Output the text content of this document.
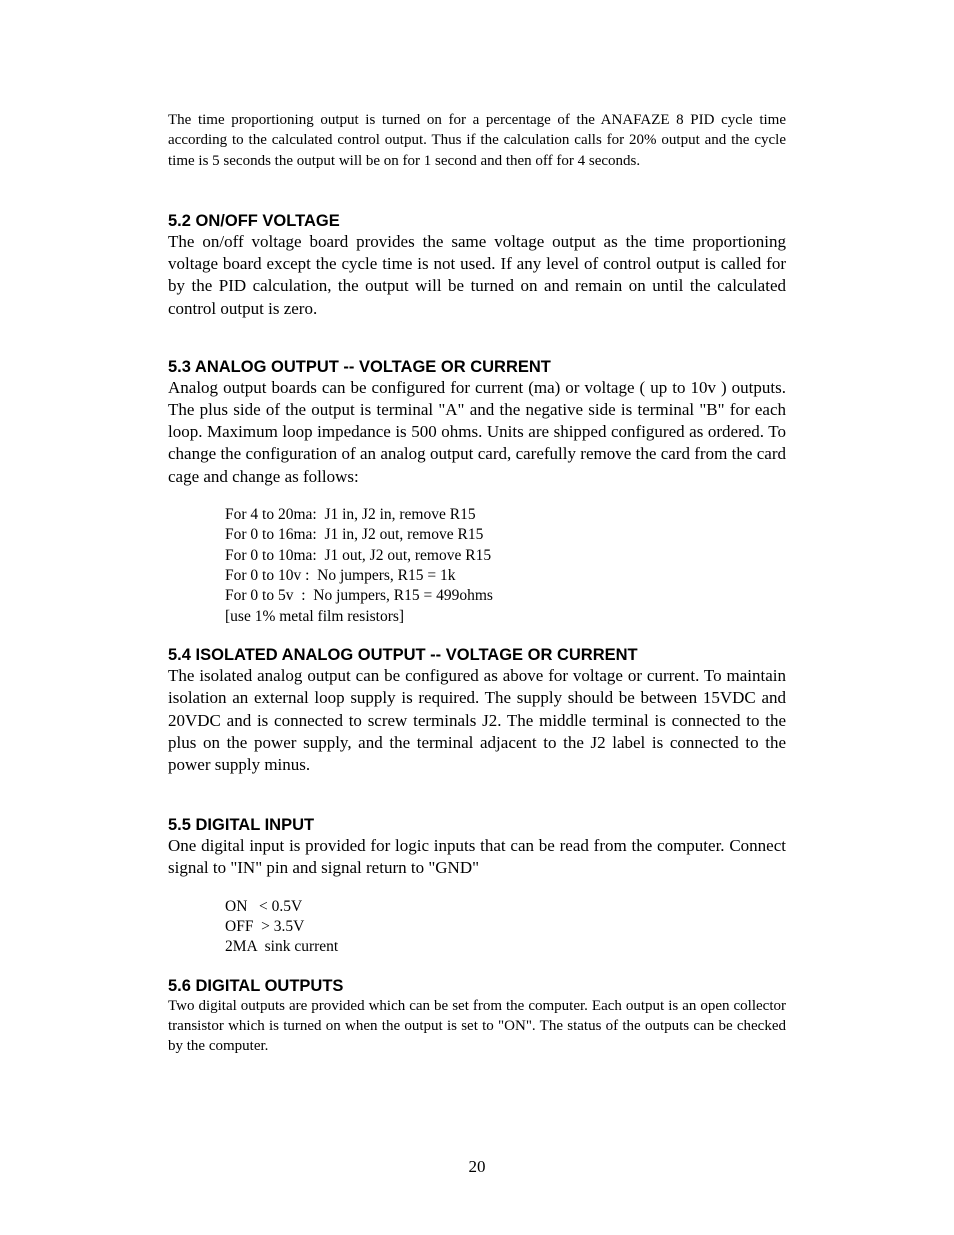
The time proportioning output is turned on for a percentage of the ANAFAZE 8 PID cycle time according to the calculated control output. Thus if the calculation calls for 20% output and the cycle time is 5 seconds the output will be on for 1 second and then off for 4 seconds.

5.2 ON/OFF VOLTAGE

The on/off voltage board provides the same voltage output as the time proportioning voltage board except the cycle time is not used. If any level of control output is called for by the PID calculation, the output will be turned on and remain on until the calculated control output is zero.

5.3 ANALOG OUTPUT -- VOLTAGE OR CURRENT

Analog output boards can be configured for current (ma) or voltage ( up to 10v ) outputs. The plus side of the output is terminal "A" and the negative side is terminal "B" for each loop. Maximum loop impedance is 500 ohms. Units are shipped configured as ordered. To change the configuration of an analog output card, carefully remove the card from the card cage and change as follows:

For 4 to 20ma:  J1 in, J2 in, remove R15
For 0 to 16ma:  J1 in, J2 out, remove R15
For 0 to 10ma:  J1 out, J2 out, remove R15
For 0 to 10v :  No jumpers, R15 = 1k
For 0 to 5v  :  No jumpers, R15 = 499ohms
[use 1% metal film resistors]
5.4 ISOLATED ANALOG OUTPUT -- VOLTAGE OR CURRENT

The isolated analog output can be configured as above for voltage or current. To maintain isolation an external loop supply is required. The supply should be between 15VDC and 20VDC and is connected to screw terminals J2. The middle terminal is connected to the plus on the power supply, and the terminal adjacent to the J2 label is connected to the power supply minus.

5.5 DIGITAL INPUT

One digital input is provided for logic inputs that can be read from the computer. Connect signal to "IN" pin and signal return to "GND"

ON   < 0.5V
OFF  > 3.5V
2MA  sink current
5.6 DIGITAL OUTPUTS

Two digital outputs are provided which can be set from the computer. Each output is an open collector transistor which is turned on when the output is set to "ON". The status of the outputs can be checked by the computer.

20
